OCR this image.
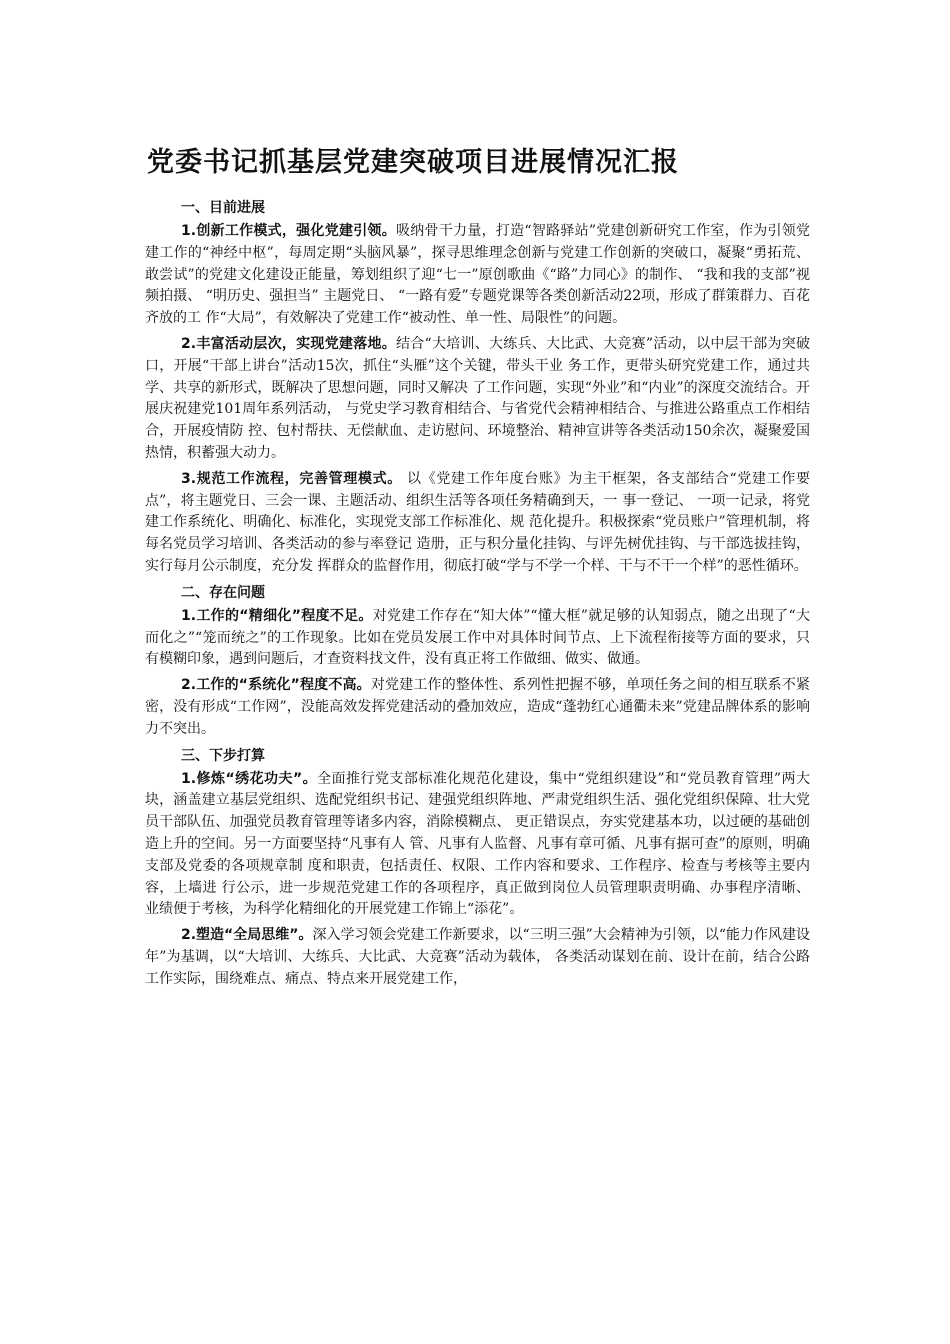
党委书记抓基层党建突破项目进展情况汇报
一、目前进展

1.创新工作模式，强化党建引领。吸纳骨干力量，打造“智路驿站”党建创新研究工作室，作为引领党建工作的“神经中枢”，每周定期“头脑风暴”，探寻思维理念创新与党建工作创新的突破口，凝聚“勇拓荒、敢尝试”的党建文化建设正能量，筹划组织了迎“七一”原创歌曲《“路”力同心》的制作、 “我和我的支部”视频拍摄、 “明历史、强担当” 主题党日、 “一路有爱”专题党课等各类创新活动22项，形成了群策群力、百花齐放的工 作“大局”，有效解决了党建工作“被动性、单一性、局限性”的问题。

2.丰富活动层次，实现党建落地。结合“大培训、大练兵、大比武、大竞赛”活动，以中层干部为突破口，开展“干部上讲台”活动15次，抓住“头雁”这个关键，带头干业 务工作，更带头研究党建工作，通过共学、共享的新形式，既解决了思想问题，同时又解决 了工作问题，实现“外业”和“内业”的深度交流结合。开展庆祝建党101周年系列活动， 与党史学习教育相结合、与省党代会精神相结合、与推进公路重点工作相结合，开展疫情防 控、包村帮扶、无偿献血、走访慰问、环境整治、精神宣讲等各类活动150余次，凝聚爱国 热情，积蓄强大动力。

3.规范工作流程，完善管理模式。 以《党建工作年度台账》为主干框架，各支部结合“党建工作要点”，将主题党日、三会一课、主题活动、组织生活等各项任务精确到天，一 事一登记、 一项一记录，将党建工作系统化、明确化、标准化，实现党支部工作标准化、规 范化提升。积极探索“党员账户”管理机制，将每名党员学习培训、各类活动的参与率登记 造册，正与积分量化挂钩、与评先树优挂钩、与干部选拔挂钩，实行每月公示制度，充分发 挥群众的监督作用，彻底打破“学与不学一个样、干与不干一个样”的恶性循环。

二、存在问题

1.工作的“精细化”程度不足。对党建工作存在“知大体”“懂大框”就足够的认知弱点，随之出现了“大而化之”“笼而统之”的工作现象。比如在党员发展工作中对具体时间节点、上下流程衔接等方面的要求，只有模糊印象，遇到问题后，才查资料找文件，没有真正将工作做细、做实、做通。

2.工作的“系统化”程度不高。对党建工作的整体性、系列性把握不够，单项任务之间的相互联系不紧密，没有形成“工作网”，没能高效发挥党建活动的叠加效应，造成“蓬勃红心通衢未来”党建品牌体系的影响力不突出。

三、下步打算

1.修炼“绣花功夫”。全面推行党支部标准化规范化建设，集中“党组织建设”和“党员教育管理”两大块，涵盖建立基层党组织、选配党组织书记、建强党组织阵地、严肃党组织生活、强化党组织保障、壮大党员干部队伍、加强党员教育管理等诸多内容，消除模糊点、 更正错误点，夯实党建基本功，以过硬的基础创造上升的空间。另一方面要坚持“凡事有人 管、凡事有人监督、凡事有章可循、凡事有据可查”的原则，明确支部及党委的各项规章制 度和职责，包括责任、权限、工作内容和要求、工作程序、检查与考核等主要内容，上墙进 行公示，进一步规范党建工作的各项程序，真正做到岗位人员管理职责明确、办事程序清晰、 业绩便于考核，为科学化精细化的开展党建工作锦上“添花”。

2.塑造“全局思维”。深入学习领会党建工作新要求，以“三明三强”大会精神为引领，以“能力作风建设年”为基调，以“大培训、大练兵、大比武、大竞赛”活动为载体， 各类活动谋划在前、设计在前，结合公路工作实际，围绕难点、痛点、特点来开展党建工作，
